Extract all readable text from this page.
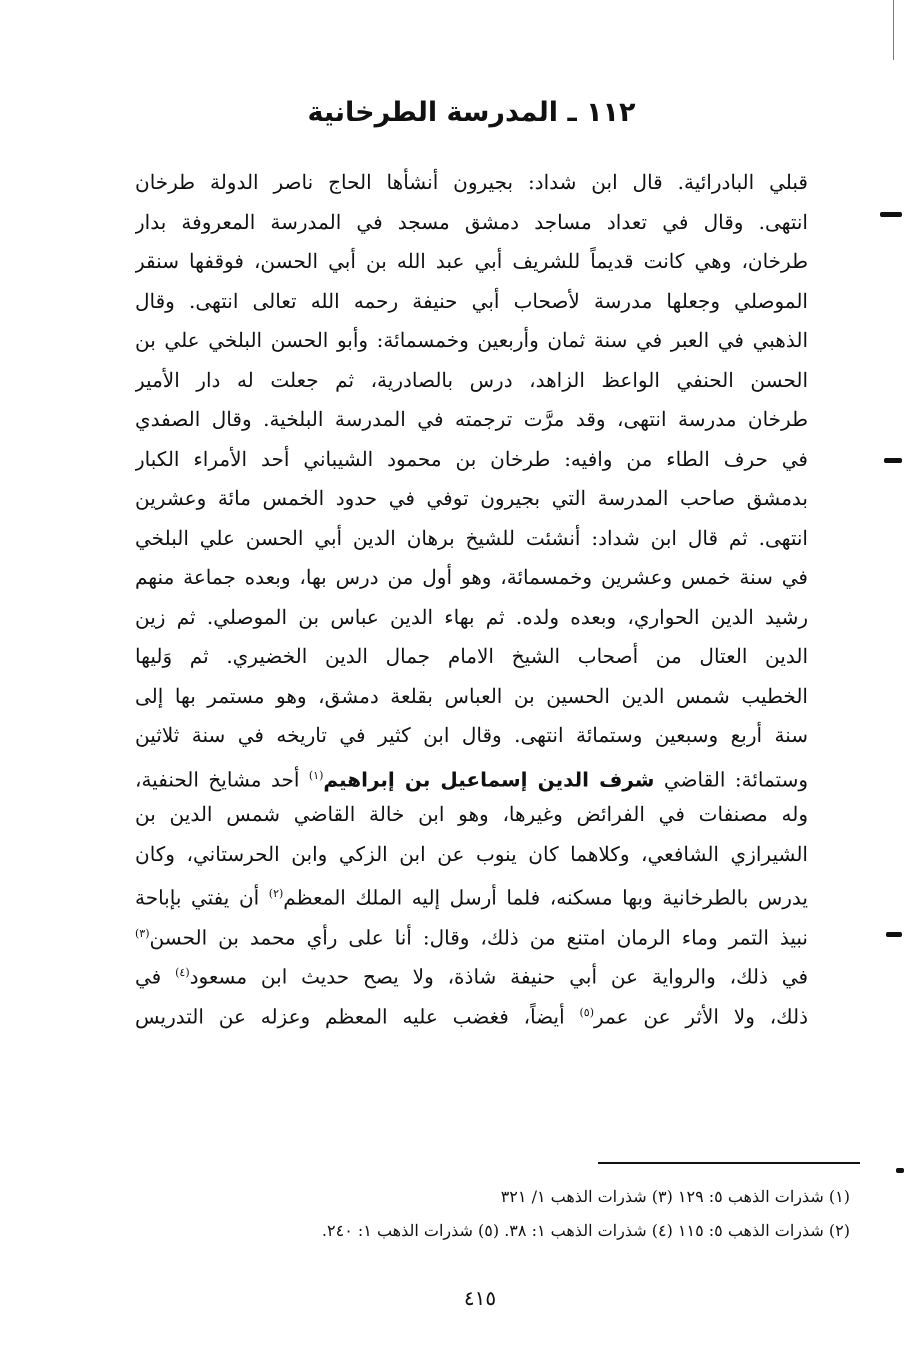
١١٢ ـ المدرسة الطرخانية
قبلي البادرائية. قال ابن شداد: بجيرون أنشأها الحاج ناصر الدولة طرخان
انتهى. وقال في تعداد مساجد دمشق مسجد في المدرسة المعروفة بدار
طرخان، وهي كانت قديماً للشريف أبي عبد الله بن أبي الحسن، فوقفها سنقر
الموصلي وجعلها مدرسة لأصحاب أبي حنيفة رحمه الله تعالى انتهى. وقال
الذهبي في العبر في سنة ثمان وأربعين وخمسمائة: وأبو الحسن البلخي علي بن
الحسن الحنفي الواعظ الزاهد، درس بالصادرية، ثم جعلت له دار الأمير
طرخان مدرسة انتهى، وقد مرَّت ترجمته في المدرسة البلخية. وقال الصفدي
في حرف الطاء من وافيه: طرخان بن محمود الشيباني أحد الأمراء الكبار
بدمشق صاحب المدرسة التي بجيرون توفي في حدود الخمس مائة وعشرين
انتهى. ثم قال ابن شداد: أنشئت للشيخ برهان الدين أبي الحسن علي البلخي
في سنة خمس وعشرين وخمسمائة، وهو أول من درس بها، وبعده جماعة منهم
رشيد الدين الحواري، وبعده ولده. ثم بهاء الدين عباس بن الموصلي. ثم زين
الدين العتال من أصحاب الشيخ الامام جمال الدين الخضيري. ثم وَليها
الخطيب شمس الدين الحسين بن العباس بقلعة دمشق، وهو مستمر بها إلى
سنة أربع وسبعين وستمائة انتهى. وقال ابن كثير في تاريخه في سنة ثلاثين
وستمائة: القاضي شرف الدين إسماعيل بن إبراهيم$^{(١)}$ أحد مشايخ الحنفية،
وله مصنفات في الفرائض وغيرها، وهو ابن خالة القاضي شمس الدين بن
الشيرازي الشافعي، وكلاهما كان ينوب عن ابن الزكي وابن الحرستاني، وكان
يدرس بالطرخانية وبها مسكنه، فلما أرسل إليه الملك المعظم$^{(٢)}$ أن يفتي بإباحة
نبيذ التمر وماء الرمان امتنع من ذلك، وقال: أنا على رأي محمد بن الحسن$^{(٣)}$
في ذلك، والرواية عن أبي حنيفة شاذة، ولا يصح حديث ابن مسعود$^{(٤)}$ في
ذلك، ولا الأثر عن عمر$^{(٥)}$ أيضاً، فغضب عليه المعظم وعزله عن التدريس
(١) شذرات الذهب ٥: ١٢٩ (٣) شذرات الذهب ١/ ٣٢١
(٢) شذرات الذهب ٥: ١١٥ (٤) شذرات الذهب ١: ٣٨. (٥) شذرات الذهب ١: ٢٤٠.
٤١٥
